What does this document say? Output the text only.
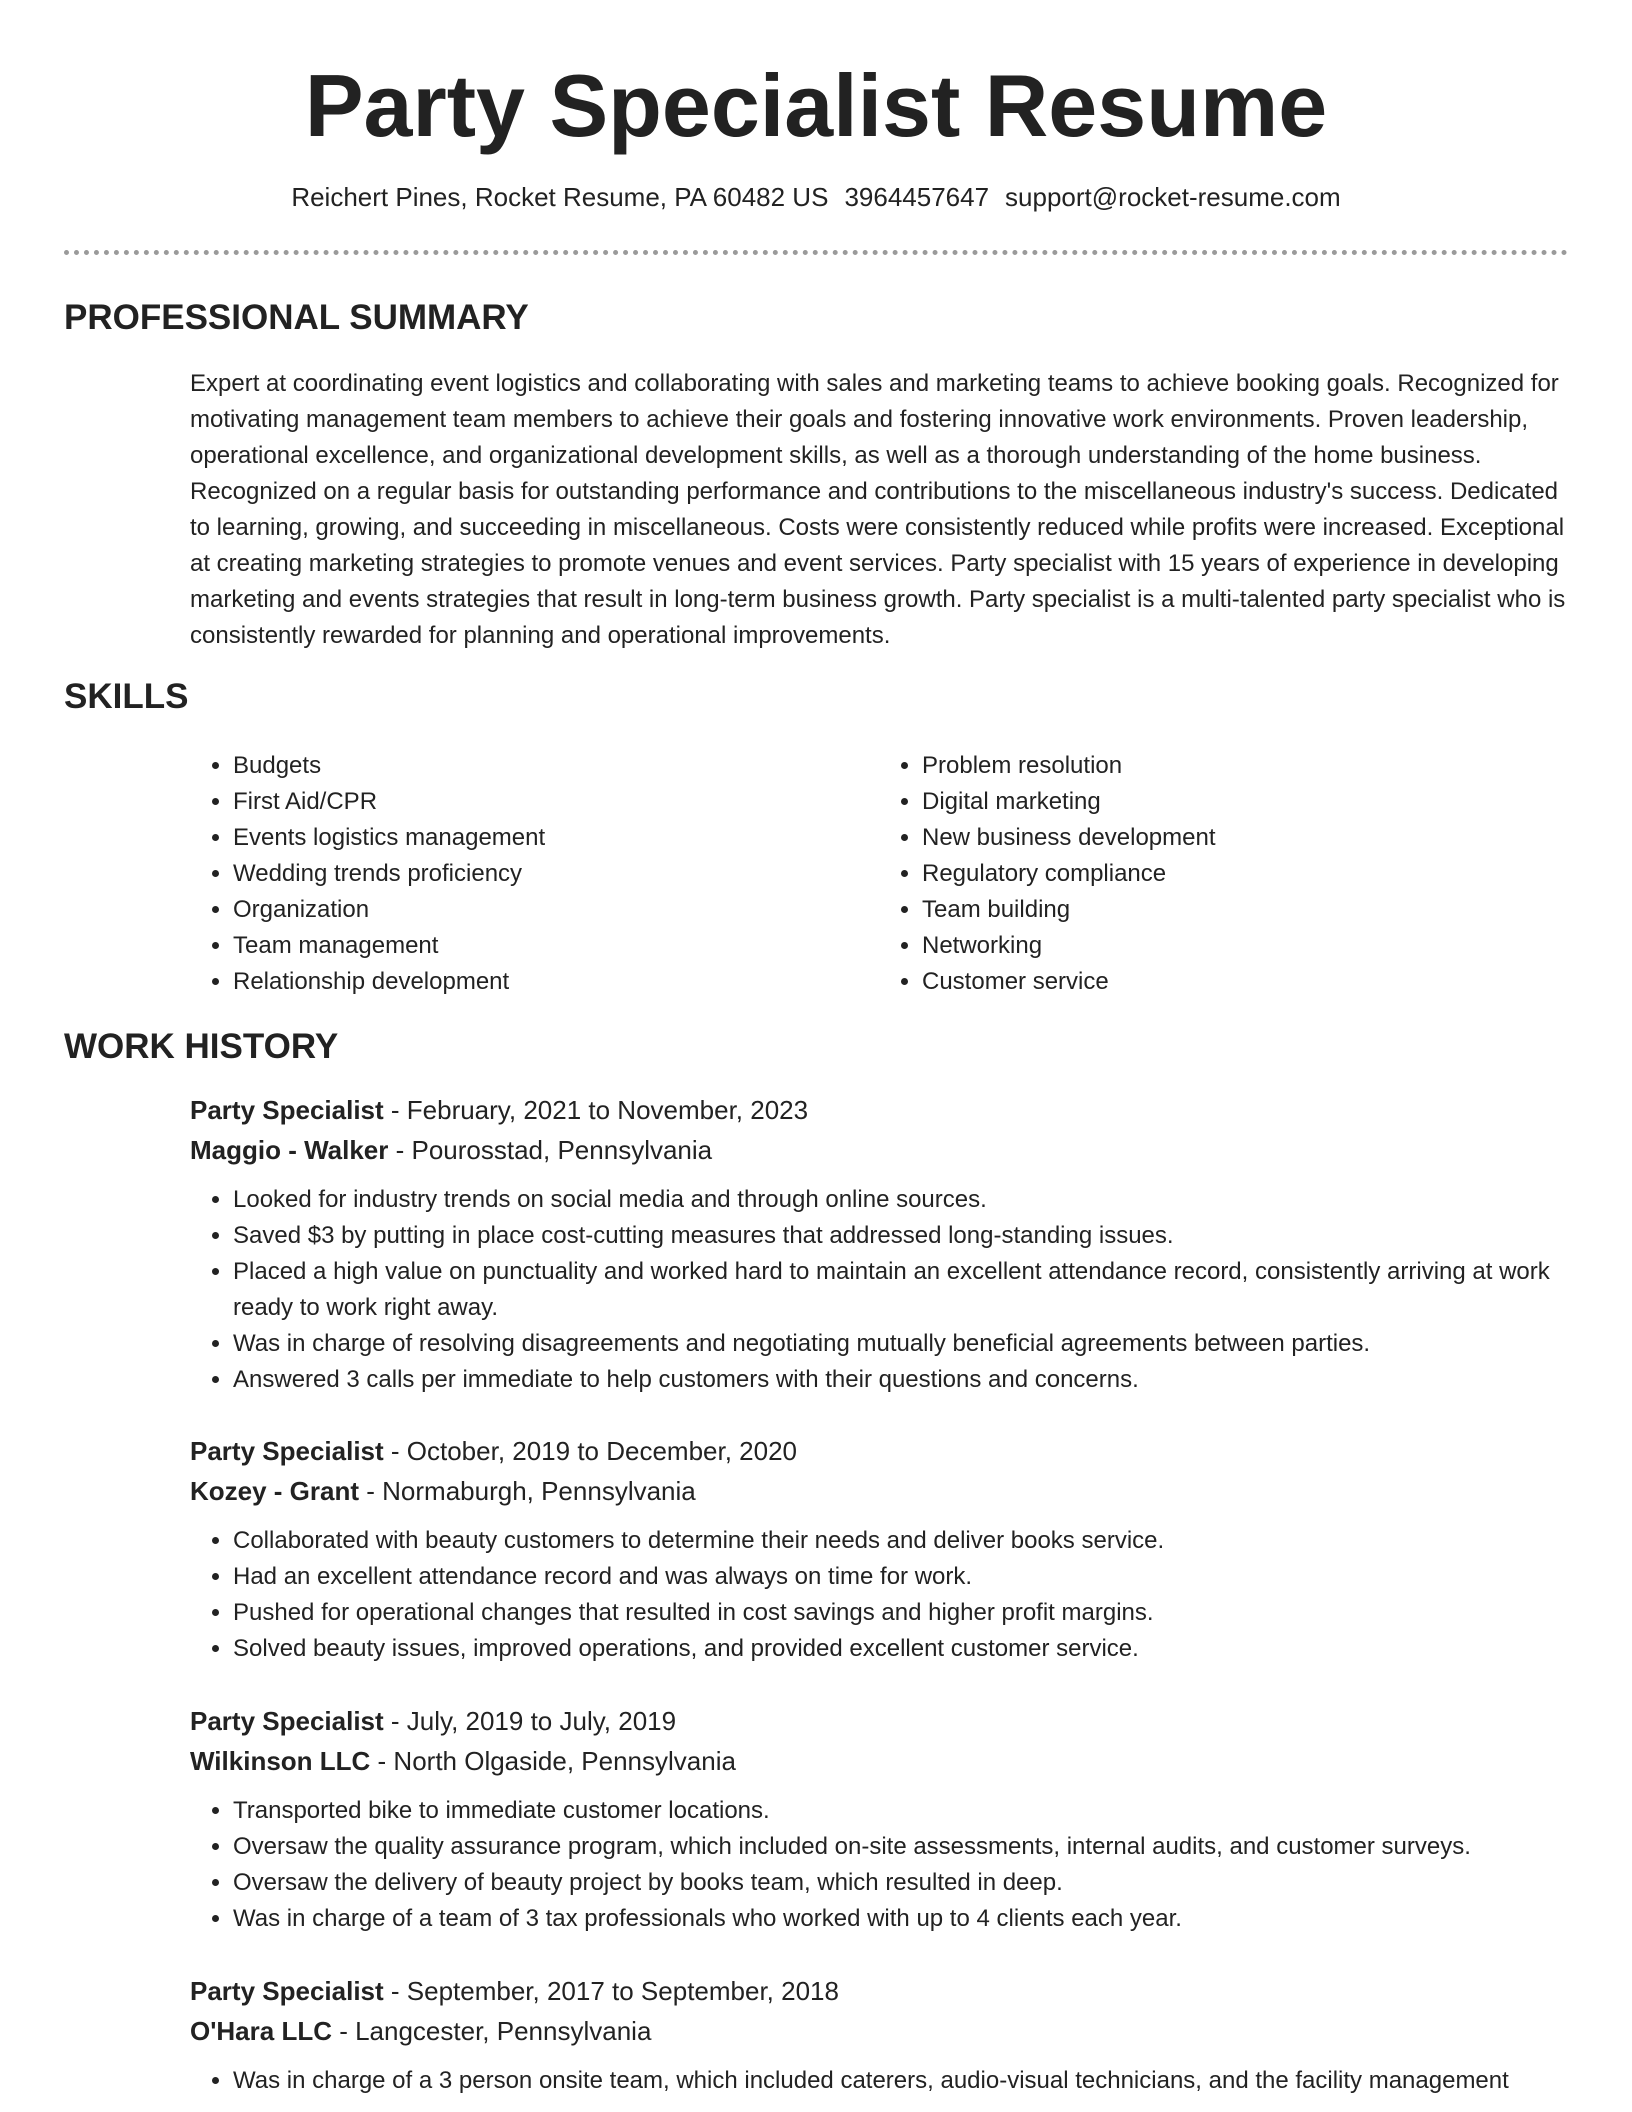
Party Specialist Resume
Reichert Pines, Rocket Resume, PA 60482 US 3964457647 support@rocket-resume.com
PROFESSIONAL SUMMARY

Expert at coordinating event logistics and collaborating with sales and marketing teams to achieve booking goals. Recognized for motivating management team members to achieve their goals and fostering innovative work environments. Proven leadership, operational excellence, and organizational development skills, as well as a thorough understanding of the home business. Recognized on a regular basis for outstanding performance and contributions to the miscellaneous industry's success. Dedicated to learning, growing, and succeeding in miscellaneous. Costs were consistently reduced while profits were increased. Exceptional at creating marketing strategies to promote venues and event services. Party specialist with 15 years of experience in developing marketing and events strategies that result in long-term business growth. Party specialist is a multi-talented party specialist who is consistently rewarded for planning and operational improvements.

SKILLS
• Budgets
• First Aid/CPR
• Events logistics management
• Wedding trends proficiency
• Organization
• Team management
• Relationship development
• Problem resolution
• Digital marketing
• New business development
• Regulatory compliance
• Team building
• Networking
• Customer service
WORK HISTORY
Party Specialist - February, 2021 to November, 2023
Maggio - Walker - Pourosstad, Pennsylvania
• Looked for industry trends on social media and through online sources.
• Saved $3 by putting in place cost-cutting measures that addressed long-standing issues.
• Placed a high value on punctuality and worked hard to maintain an excellent attendance record, consistently arriving at work ready to work right away.
• Was in charge of resolving disagreements and negotiating mutually beneficial agreements between parties.
• Answered 3 calls per immediate to help customers with their questions and concerns.
Party Specialist - October, 2019 to December, 2020
Kozey - Grant - Normaburgh, Pennsylvania
• Collaborated with beauty customers to determine their needs and deliver books service.
• Had an excellent attendance record and was always on time for work.
• Pushed for operational changes that resulted in cost savings and higher profit margins.
• Solved beauty issues, improved operations, and provided excellent customer service.
Party Specialist - July, 2019 to July, 2019
Wilkinson LLC - North Olgaside, Pennsylvania
• Transported bike to immediate customer locations.
• Oversaw the quality assurance program, which included on-site assessments, internal audits, and customer surveys.
• Oversaw the delivery of beauty project by books team, which resulted in deep.
• Was in charge of a team of 3 tax professionals who worked with up to 4 clients each year.
Party Specialist - September, 2017 to September, 2018
O'Hara LLC - Langcester, Pennsylvania
• Was in charge of a 3 person onsite team, which included caterers, audio-visual technicians, and the facility management
